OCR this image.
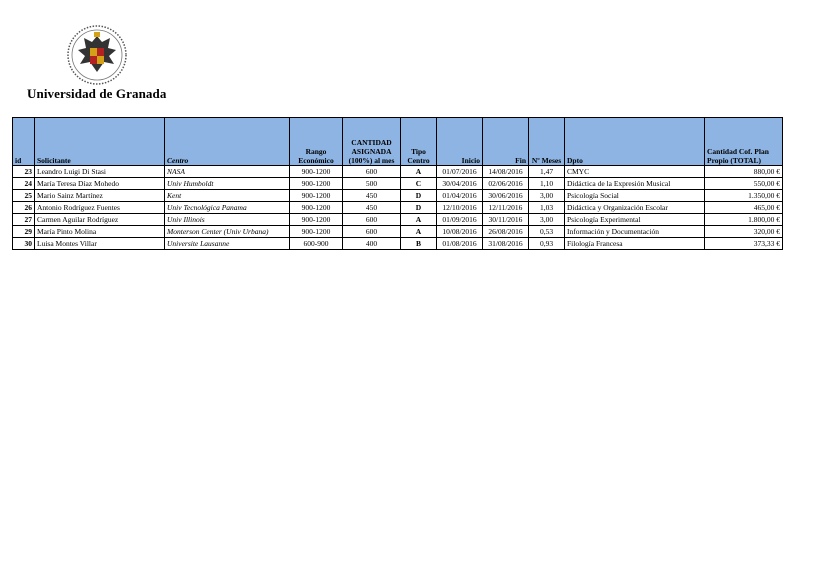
Universidad de Granada
id	Solicitante	Centro	Rango Económico	CANTIDAD ASIGNADA (100%) al mes	Tipo Centro	Inicio	Fin	Nº Meses	Dpto	Cantidad Cof. Plan Propio (TOTAL)
23	Leandro Luigi Di Stasi	NASA	900-1200	600	A	01/07/2016	14/08/2016	1,47	CMYC	880,00 €
24	María Teresa Díaz Mohedo	Univ Humboldt	900-1200	500	C	30/04/2016	02/06/2016	1,10	Didáctica de la Expresión Musical	550,00 €
25	Mario Sainz Martínez	Kent	900-1200	450	D	01/04/2016	30/06/2016	3,00	Psicología Social	1.350,00 €
26	Antonio Rodríguez Fuentes	Univ Tecnológica Panama	900-1200	450	D	12/10/2016	12/11/2016	1,03	Didáctica y Organización Escolar	465,00 €
27	Carmen Aguilar Rodríguez	Univ Illinois	900-1200	600	A	01/09/2016	30/11/2016	3,00	Psicología Experimental	1.800,00 €
29	María Pinto Molina	Monterson Center (Univ Urbana)	900-1200	600	A	10/08/2016	26/08/2016	0,53	Información y Documentación	320,00 €
30	Luisa Montes Villar	Universite Lausanne	600-900	400	B	01/08/2016	31/08/2016	0,93	Filología Francesa	373,33 €
